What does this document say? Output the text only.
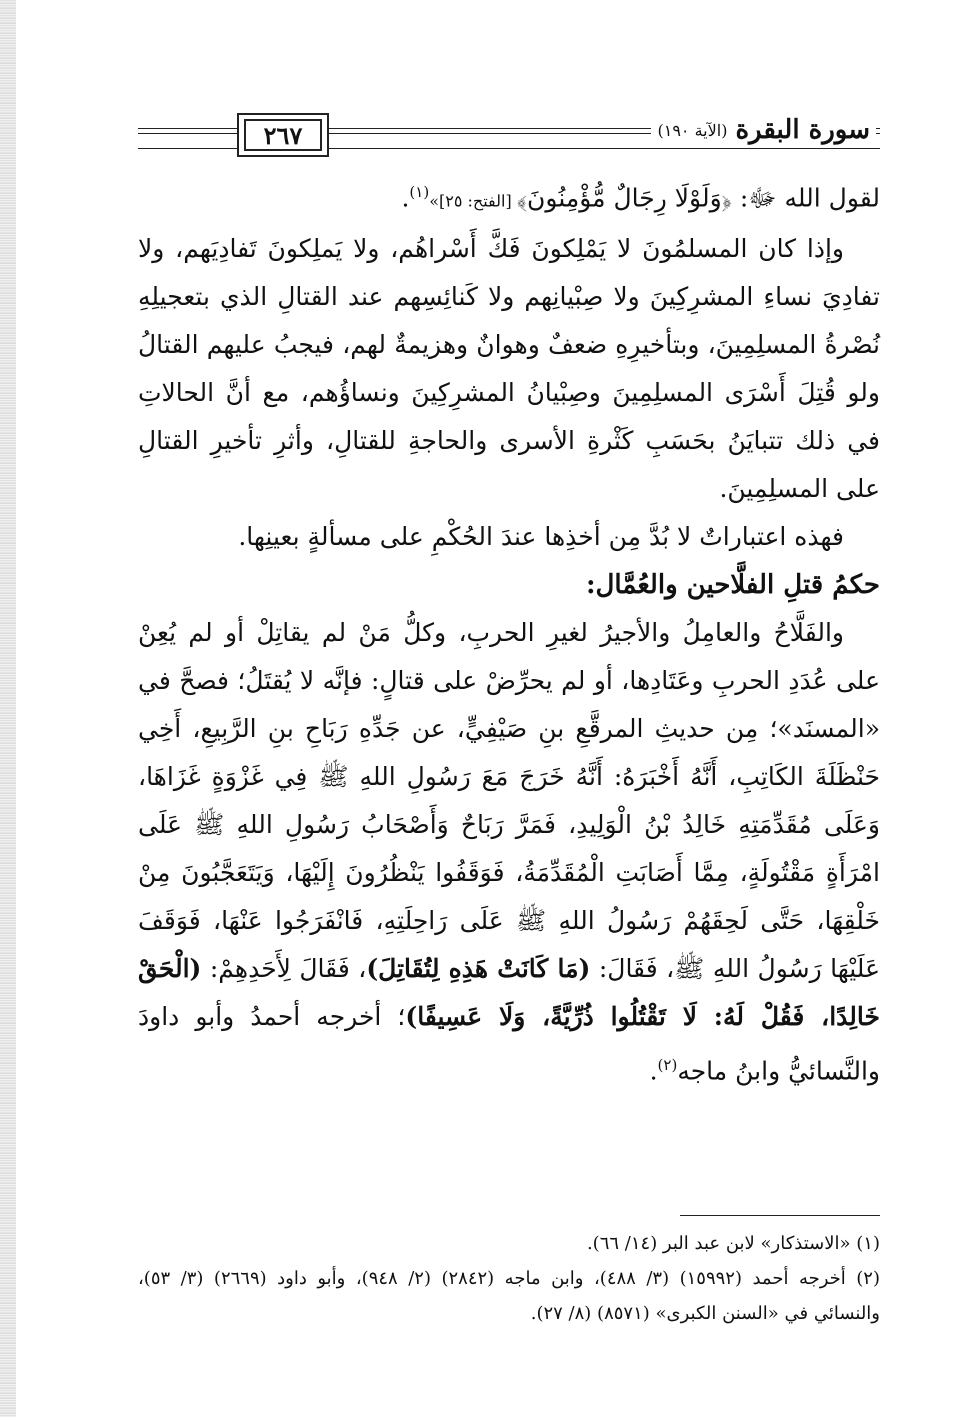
٢٦٧	سورة البقرة
(الآية ١٩٠)

لقول الله ﷻ: ﴿وَلَوْلَا رِجَالٌ مُّؤْمِنُونَ﴾ [الفتح: ٢٥]»$^{(١)}$.

وإذا كان المسلمُونَ لا يَمْلِكونَ فَكَّ أَسْراهُم، ولا يَملِكونَ تَفادِيَهم، ولا تفادِيَ نساءِ المشرِكِينَ ولا صِبْيانِهم ولا كَنائِسِهم عند القتالِ الذي بتعجيلِهِ نُصْرةُ المسلِمِينَ، وبتأخيرِهِ ضعفٌ وهوانٌ وهزيمةٌ لهم، فيجبُ عليهم القتالُ ولو قُتِلَ أَسْرَى المسلِمِينَ وصِبْيانُ المشرِكِينَ ونساؤُهم، مع أنَّ الحالاتِ في ذلك تتبايَنُ بحَسَبِ كَثْرةِ الأسرى والحاجةِ للقتالِ، وأثرِ تأخيرِ القتالِ على المسلِمِينَ.

فهذه اعتباراتٌ لا بُدَّ مِن أخذِها عندَ الحُكْمِ على مسألةٍ بعينِها.

حكمُ قتلِ الفلَّاحين والعُمَّال:

والفَلَّاحُ والعامِلُ والأجيرُ لغيرِ الحربِ، وكلُّ مَنْ لم يقاتِلْ أو لم يُعِنْ على عُدَدِ الحربِ وعَتَادِها، أو لم يحرِّضْ على قتالٍ: فإنَّه لا يُقتَلُ؛ فصحَّ في «المسنَد»؛ مِن حديثِ المرقَّعِ بنِ صَيْفِيٍّ، عن جَدِّهِ رَبَاحِ بنِ الرَّبِيعِ، أَخِي حَنْظَلَةَ الكَاتِبِ، أَنَّهُ أَخْبَرَهُ: أَنَّهُ خَرَجَ مَعَ رَسُولِ اللهِ ﷺ فِي غَزْوَةٍ غَزَاهَا، وَعَلَى مُقَدِّمَتِهِ خَالِدُ بْنُ الْوَلِيدِ، فَمَرَّ رَبَاحٌ وَأَصْحَابُ رَسُولِ اللهِ ﷺ عَلَى امْرَأَةٍ مَقْتُولَةٍ، مِمَّا أَصَابَتِ الْمُقَدِّمَةُ، فَوَقَفُوا يَنْظُرُونَ إِلَيْهَا، وَيَتَعَجَّبُونَ مِنْ خَلْقِهَا، حَتَّى لَحِقَهُمْ رَسُولُ اللهِ ﷺ عَلَى رَاحِلَتِهِ، فَانْفَرَجُوا عَنْهَا، فَوَقَفَ عَلَيْهَا رَسُولُ اللهِ ﷺ، فَقَالَ: (مَا كَانَتْ هَذِهِ لِتُقَاتِلَ)، فَقَالَ لِأَحَدِهِمْ: (الْحَقْ خَالِدًا، فَقُلْ لَهُ: لَا تَقْتُلُوا ذُرِّيَّةً، وَلَا عَسِيفًا)؛ أخرجه أحمدُ وأبو داودَ والنَّسائيُّ وابنُ ماجه$^{(٢)}$.

(١) «الاستذكار» لابن عبد البر (١٤/ ٦٦).

(٢) أخرجه أحمد (١٥٩٩٢) (٣/ ٤٨٨)، وابن ماجه (٢٨٤٢) (٢/ ٩٤٨)، وأبو داود (٢٦٦٩) (٣/ ٥٣)، والنسائي في «السنن الكبرى» (٨٥٧١) (٨/ ٢٧).
